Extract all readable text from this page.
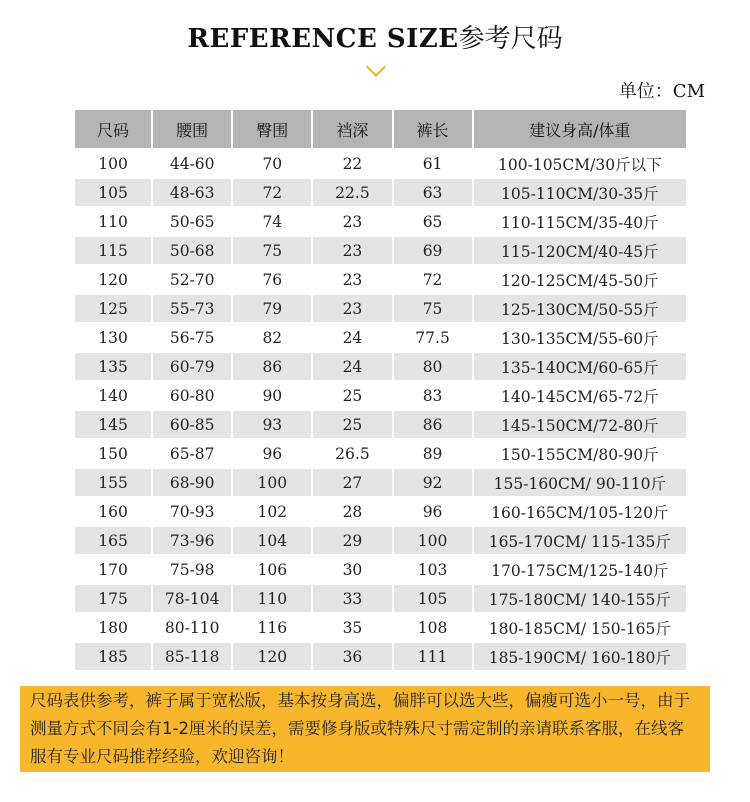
REFERENCE SIZE参考尺码
单位：CM
尺码	腰围	臀围	裆深	裤长	建议身高/体重
100	44-60	70	22	61	100-105CM/30斤以下
105	48-63	72	22.5	63	105-110CM/30-35斤
110	50-65	74	23	65	110-115CM/35-40斤
115	50-68	75	23	69	115-120CM/40-45斤
120	52-70	76	23	72	120-125CM/45-50斤
125	55-73	79	23	75	125-130CM/50-55斤
130	56-75	82	24	77.5	130-135CM/55-60斤
135	60-79	86	24	80	135-140CM/60-65斤
140	60-80	90	25	83	140-145CM/65-72斤
145	60-85	93	25	86	145-150CM/72-80斤
150	65-87	96	26.5	89	150-155CM/80-90斤
155	68-90	100	27	92	155-160CM/ 90-110斤
160	70-93	102	28	96	160-165CM/105-120斤
165	73-96	104	29	100	165-170CM/ 115-135斤
170	75-98	106	30	103	170-175CM/125-140斤
175	78-104	110	33	105	175-180CM/ 140-155斤
180	80-110	116	35	108	180-185CM/ 150-165斤
185	85-118	120	36	111	185-190CM/ 160-180斤
尺码表供参考，裤子属于宽松版，基本按身高选，偏胖可以选大些，偏瘦可选小一号，由于测量方式不同会有1-2厘米的误差，需要修身版或特殊尺寸需定制的亲请联系客服，在线客服有专业尺码推荐经验，欢迎咨询！
